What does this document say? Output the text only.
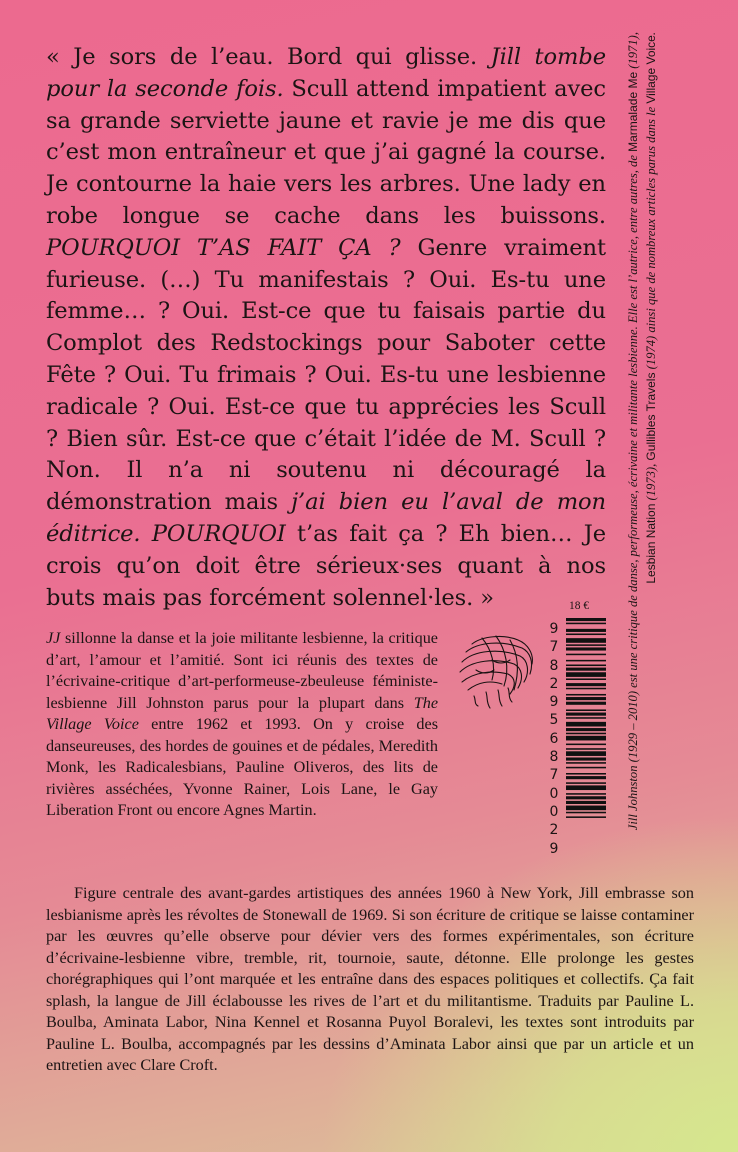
« Je sors de l’eau. Bord qui glisse. Jill tombe pour la seconde fois. Scull attend impatient avec sa grande serviette jaune et ravie je me dis que c’est mon entraîneur et que j’ai gagné la course. Je contourne la haie vers les arbres. Une lady en robe longue se cache dans les buissons. POURQUOI T’AS FAIT ÇA ? Genre vraiment furieuse. (…) Tu manifestais ? Oui. Es-tu une femme… ? Oui. Est-ce que tu faisais partie du Complot des Redstockings pour Saboter cette Fête ? Oui. Tu frimais ? Oui. Es-tu une lesbienne radicale ? Oui. Est-ce que tu apprécies les Scull ? Bien sûr. Est-ce que c’était l’idée de M. Scull ? Non. Il n’a ni soutenu ni découragé la démonstration mais j’ai bien eu l’aval de mon éditrice. POURQUOI t’as fait ça ? Eh bien… Je crois qu’on doit être sérieux·ses quant à nos buts mais pas forcément solennel·les. »	Jill Johnston (1929 – 2010) est une critique de danse, performeuse, écrivaine et militante lesbienne. Elle est l’autrice, entre autres, de Marmalade Me (1971), Lesbian Nation (1973), Gullibles Travels (1974) ainsi que de nombreux articles parus dans le Village Voice.
18 €
9
7
8
2
9
5
6
8
7
0
0
2
9

JJ sillonne la danse et la joie militante lesbienne, la critique d’art, l’amour et l’amitié. Sont ici réunis des textes de l’écrivaine-critique d’art-performeuse-zbeuleuse féministe-lesbienne Jill Johnston parus pour la plupart dans The Village Voice entre 1962 et 1993. On y croise des danseureuses, des hordes de gouines et de pédales, Meredith Monk, les Radicalesbians, Pauline Oliveros, des lits de rivières asséchées, Yvonne Rainer, Lois Lane, le Gay Liberation Front ou encore Agnes Martin.

Figure centrale des avant-gardes artistiques des années 1960 à New York, Jill embrasse son lesbianisme après les révoltes de Stonewall de 1969. Si son écriture de critique se laisse contaminer par les œuvres qu’elle observe pour dévier vers des formes expérimentales, son écriture d’écrivaine-lesbienne vibre, tremble, rit, tournoie, saute, détonne. Elle prolonge les gestes chorégraphiques qui l’ont marquée et les entraîne dans des espaces politiques et collectifs. Ça fait splash, la langue de Jill éclabousse les rives de l’art et du militantisme. Traduits par Pauline L. Boulba, Aminata Labor, Nina Kennel et Rosanna Puyol Boralevi, les textes sont introduits par Pauline L. Boulba, accompagnés par les dessins d’Aminata Labor ainsi que par un article et un entretien avec Clare Croft.
